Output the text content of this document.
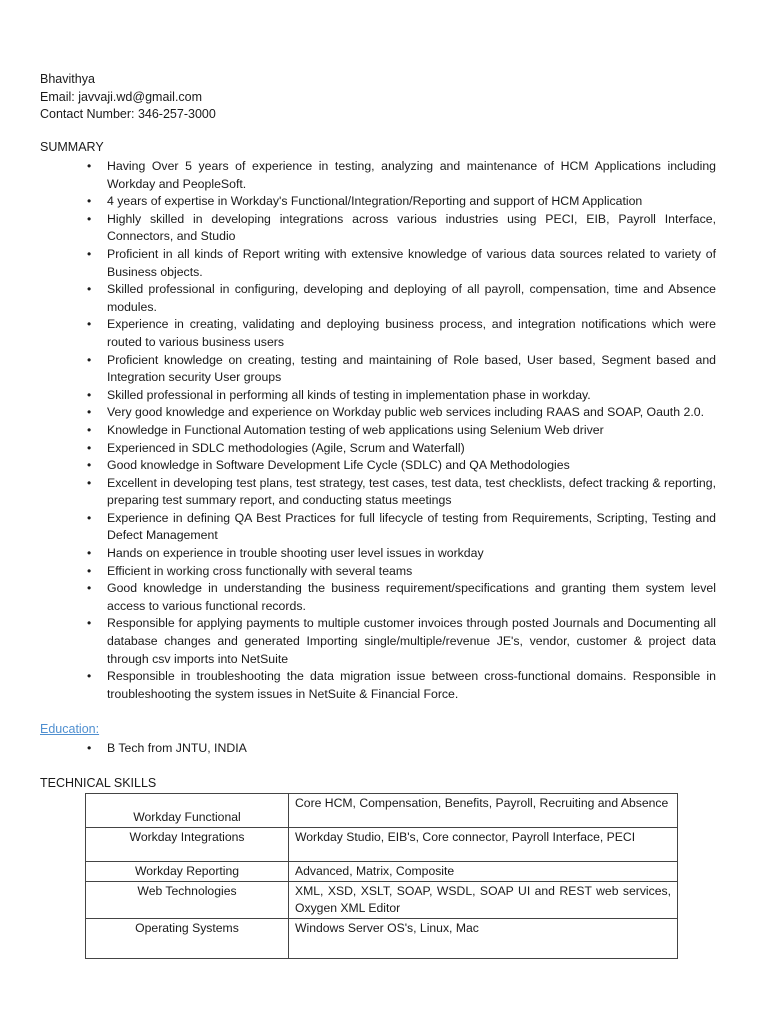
Bhavithya
Email: javvaji.wd@gmail.com
Contact Number: 346-257-3000
SUMMARY
• Having Over 5 years of experience in testing, analyzing and maintenance of HCM Applications including Workday and PeopleSoft.
• 4 years of expertise in Workday's Functional/Integration/Reporting and support of HCM Application
• Highly skilled in developing integrations across various industries using PECI, EIB, Payroll Interface, Connectors, and Studio
• Proficient in all kinds of Report writing with extensive knowledge of various data sources related to variety of Business objects.
• Skilled professional in configuring, developing and deploying of all payroll, compensation, time and Absence modules.
• Experience in creating, validating and deploying business process, and integration notifications which were routed to various business users
• Proficient knowledge on creating, testing and maintaining of Role based, User based, Segment based and Integration security User groups
• Skilled professional in performing all kinds of testing in implementation phase in workday.
• Very good knowledge and experience on Workday public web services including RAAS and SOAP, Oauth 2.0.
• Knowledge in Functional Automation testing of web applications using Selenium Web driver
• Experienced in SDLC methodologies (Agile, Scrum and Waterfall)
• Good knowledge in Software Development Life Cycle (SDLC) and QA Methodologies
• Excellent in developing test plans, test strategy, test cases, test data, test checklists, defect tracking & reporting, preparing test summary report, and conducting status meetings
• Experience in defining QA Best Practices for full lifecycle of testing from Requirements, Scripting, Testing and Defect Management
• Hands on experience in trouble shooting user level issues in workday
• Efficient in working cross functionally with several teams
• Good knowledge in understanding the business requirement/specifications and granting them system level access to various functional records.
• Responsible for applying payments to multiple customer invoices through posted Journals and Documenting all database changes and generated Importing single/multiple/revenue JE's, vendor, customer & project data through csv imports into NetSuite
• Responsible in troubleshooting the data migration issue between cross-functional domains. Responsible in troubleshooting the system issues in NetSuite & Financial Force.
Education:
• B Tech from JNTU, INDIA
TECHNICAL SKILLS
Workday Functional	Core HCM, Compensation, Benefits, Payroll, Recruiting and Absence
Workday Integrations	Workday Studio, EIB's, Core connector, Payroll Interface, PECI
Workday Reporting	Advanced, Matrix, Composite
Web Technologies	XML, XSD, XSLT, SOAP, WSDL, SOAP UI and REST web services, Oxygen XML Editor
Operating Systems	Windows Server OS's, Linux, Mac
